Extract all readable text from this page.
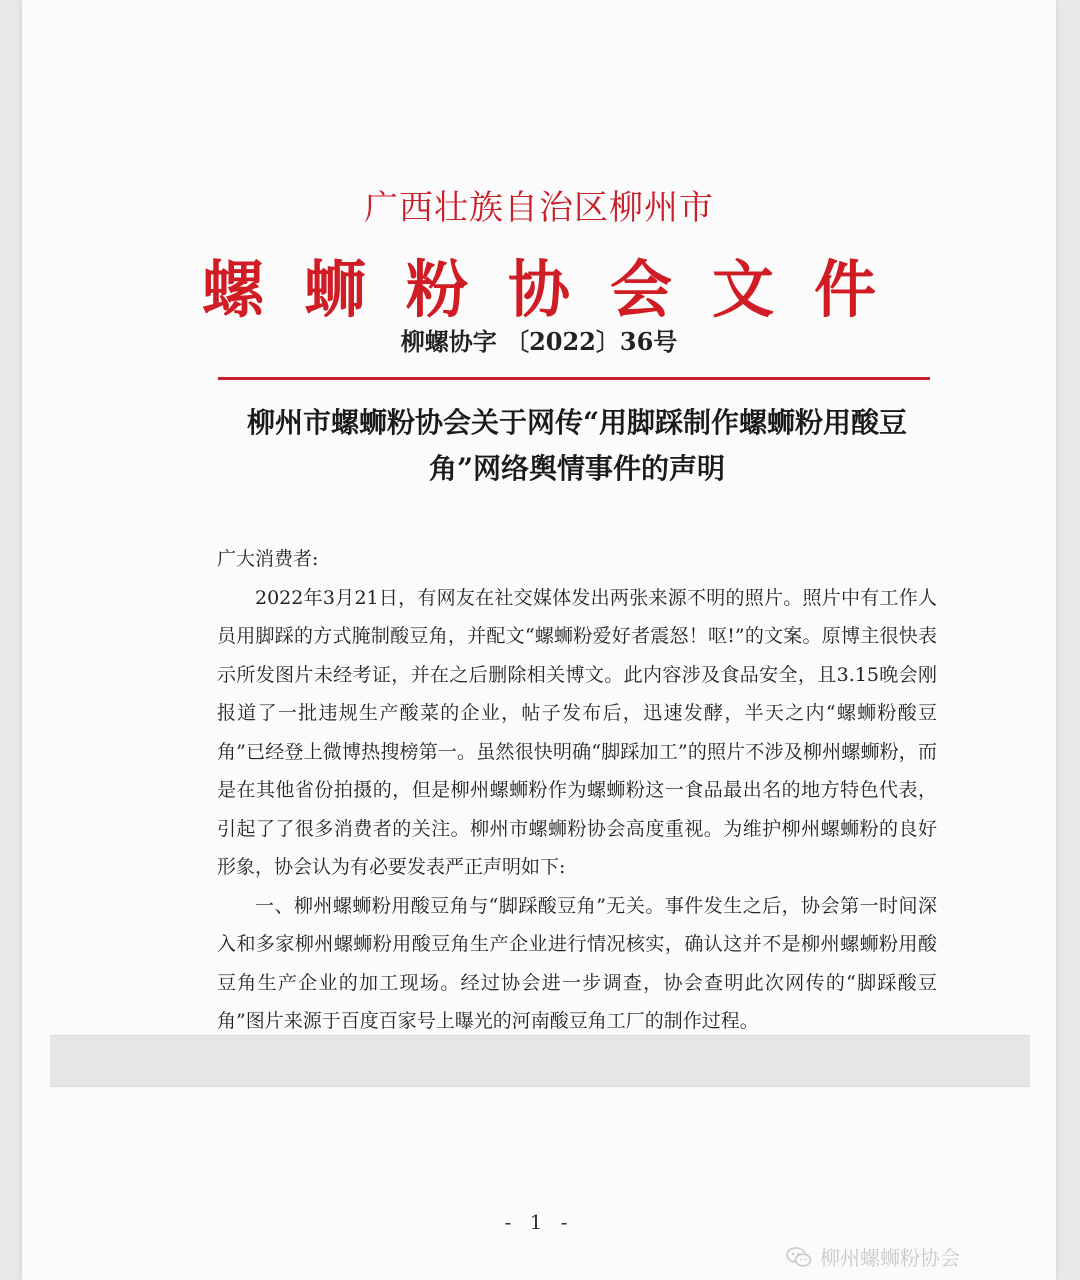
广西壮族自治区柳州市
螺蛳粉协会文件
柳螺协字 〔2022〕36号
柳州市螺蛳粉协会关于网传“用脚踩制作螺蛳粉用酸豆
角”网络舆情事件的声明

广大消费者:

2022年3月21日，有网友在社交媒体发出两张来源不明的照片。照片中有工作人员用脚踩的方式腌制酸豆角，并配文“螺蛳粉爱好者震怒！呕!”的文案。原博主很快表示所发图片未经考证，并在之后删除相关博文。此内容涉及食品安全，且3.15晚会刚报道了一批违规生产酸菜的企业，帖子发布后，迅速发酵，半天之内“螺蛳粉酸豆角”已经登上微博热搜榜第一。虽然很快明确“脚踩加工”的照片不涉及柳州螺蛳粉，而是在其他省份拍摄的，但是柳州螺蛳粉作为螺蛳粉这一食品最出名的地方特色代表，引起了了很多消费者的关注。柳州市螺蛳粉协会高度重视。为维护柳州螺蛳粉的良好形象，协会认为有必要发表严正声明如下:

一、柳州螺蛳粉用酸豆角与“脚踩酸豆角”无关。事件发生之后，协会第一时间深入和多家柳州螺蛳粉用酸豆角生产企业进行情况核实，确认这并不是柳州螺蛳粉用酸豆角生产企业的加工现场。经过协会进一步调查，协会查明此次网传的“脚踩酸豆角”图片来源于百度百家号上曝光的河南酸豆角工厂的制作过程。

- 1 -
柳州螺蛳粉协会
